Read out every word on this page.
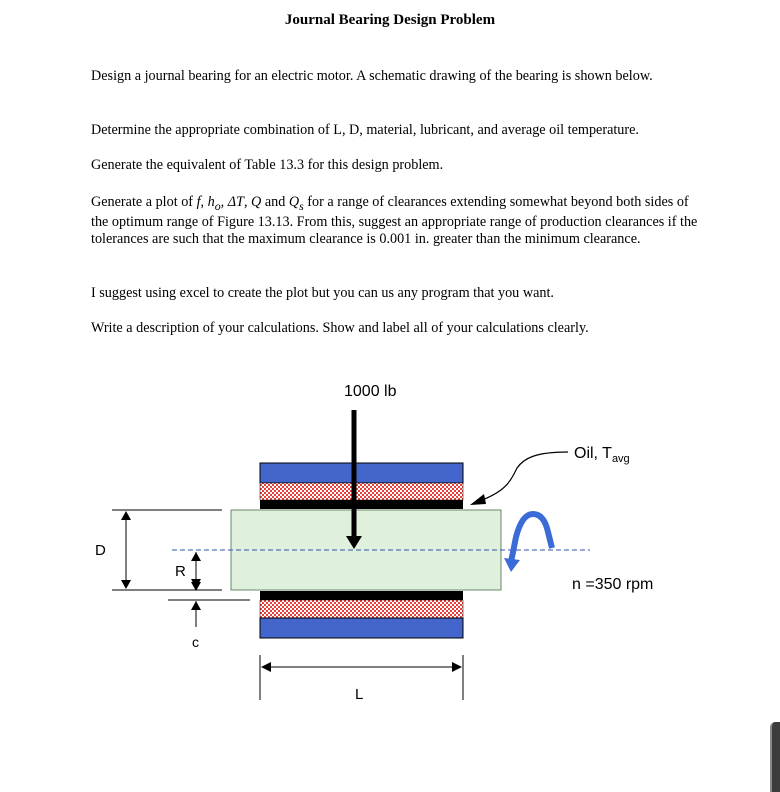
Journal Bearing Design Problem

Design a journal bearing for an electric motor. A schematic drawing of the bearing is shown below.

Determine the appropriate combination of L, D, material, lubricant, and average oil temperature.

Generate the equivalent of Table 13.3 for this design problem.

Generate a plot of f, $h_o$, ΔT, Q and $Q_s$ for a range of clearances extending somewhat beyond both sides of the optimum range of Figure 13.13. From this, suggest an appropriate range of production clearances if the tolerances are such that the maximum clearance is 0.001 in. greater than the minimum clearance.

I suggest using excel to create the plot but you can us any program that you want.

Write a description of your calculations. Show and label all of your calculations clearly.

1000 lb
Oil, $T_{avg}$
n =350 rpm
D
R
c
L
